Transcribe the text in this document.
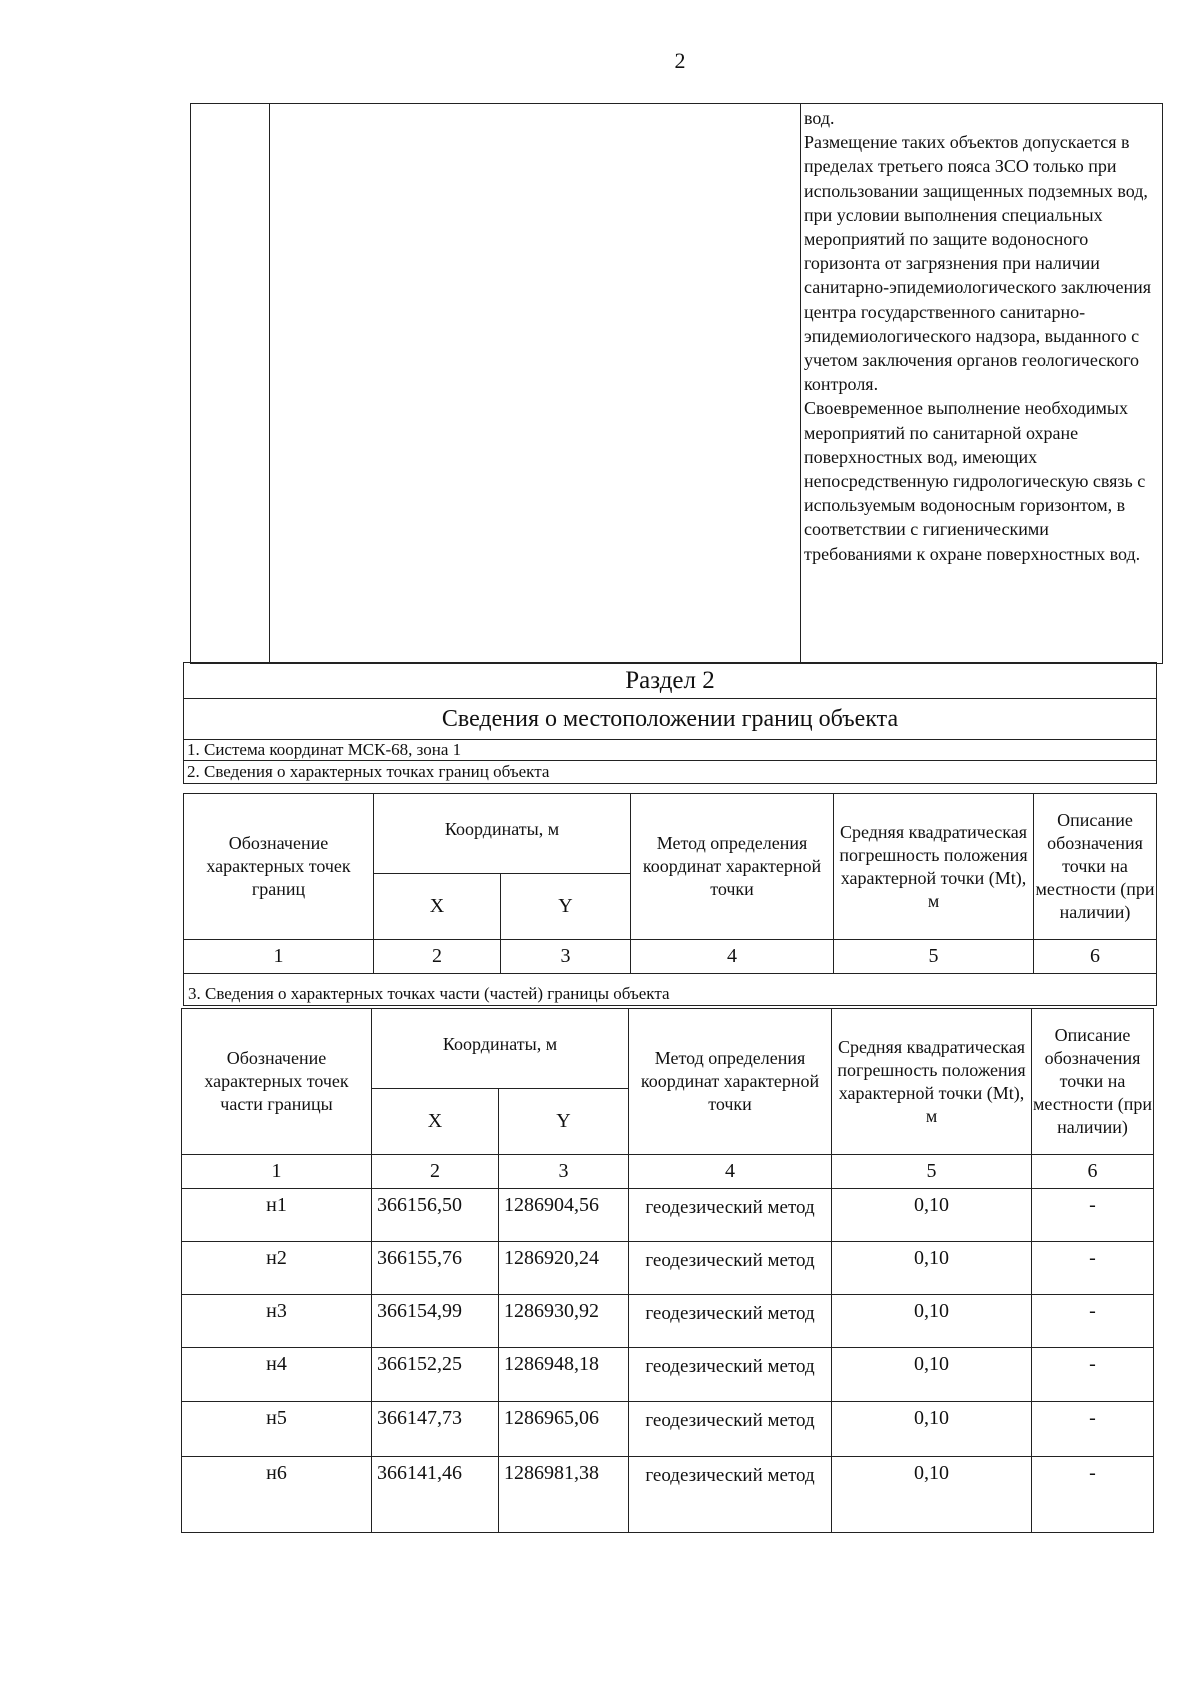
2

вод.

Размещение таких объектов допускается в пределах третьего пояса ЗСО только при использовании защищенных подземных вод, при условии выполнения специальных мероприятий по защите водоносного горизонта от загрязнения при наличии санитарно-эпидемиологического заключения центра государственного санитарно-эпидемиологического надзора, выданного с учетом заключения органов геологического контроля.

Своевременное выполнение необходимых мероприятий по санитарной охране поверхностных вод, имеющих непосредственную гидрологическую связь с используемым водоносным горизонтом, в соответствии с гигиеническими требованиями к охране поверхностных вод.

Раздел 2
Сведения о местоположении границ объекта
1. Система координат МСК-68, зона 1

2. Сведения о характерных точках границ объекта
Обозначение характерных точек границ	Координаты, м		Метод определения координат характерной точки	Средняя квадратическая погрешность положения характерной точки (Mt), м	Описание обозначения точки на местности (при наличии)
	X	Y			
1	2	3	4	5	6
3. Сведения о характерных точках части (частей) границы объекта					
Обозначение характерных точек части границы	Координаты, м		Метод определения координат характерной точки	Средняя квадратическая погрешность положения характерной точки (Mt), м	Описание обозначения точки на местности (при наличии)
	X	Y			
1	2	3	4	5	6
н1	366156,50	1286904,56	геодезический метод	0,10	-
н2	366155,76	1286920,24	геодезический метод	0,10	-
н3	366154,99	1286930,92	геодезический метод	0,10	-
н4	366152,25	1286948,18	геодезический метод	0,10	-
н5	366147,73	1286965,06	геодезический метод	0,10	-
н6	366141,46	1286981,38	геодезический метод	0,10	-
